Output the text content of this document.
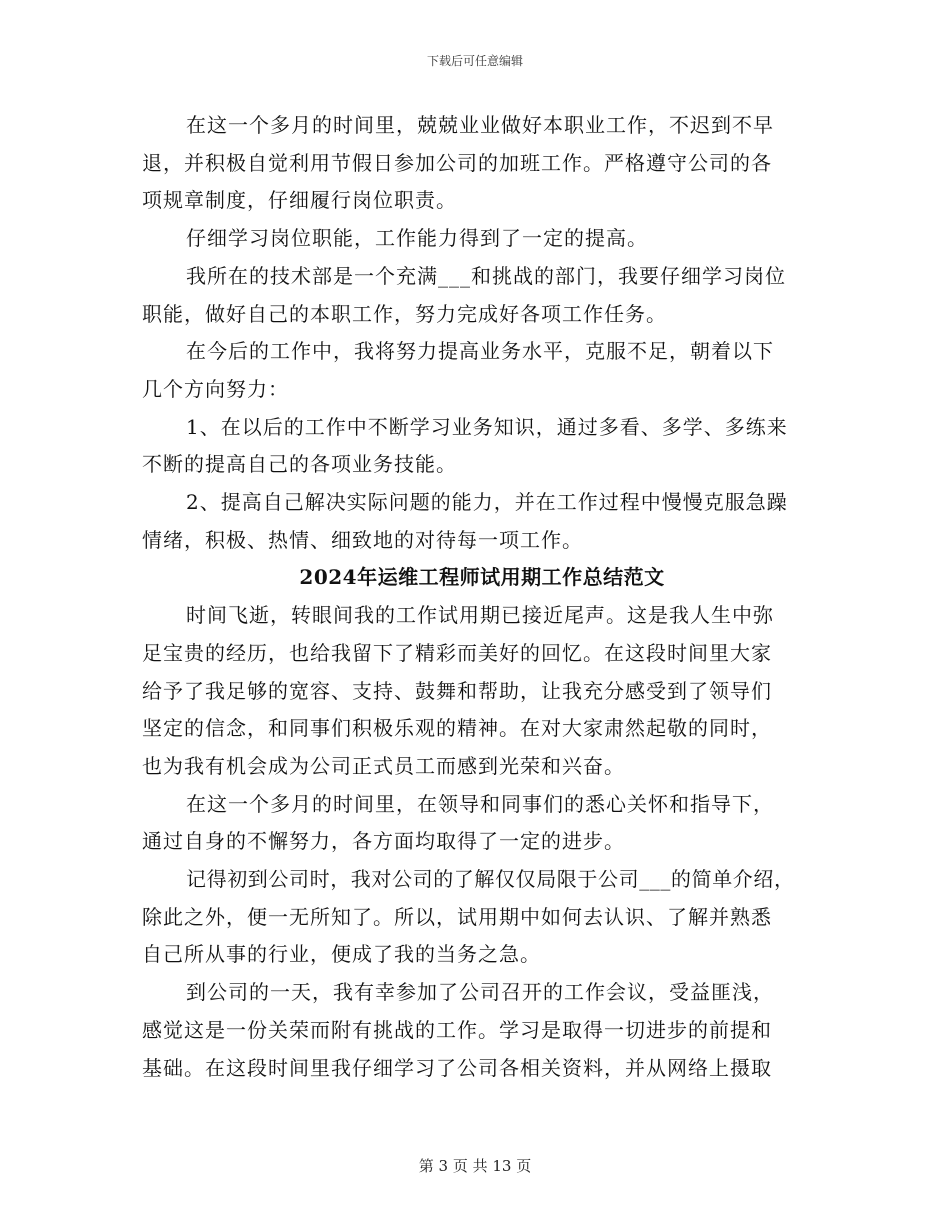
下载后可任意编辑

在这一个多月的时间里，兢兢业业做好本职业工作，不迟到不早
退，并积极自觉利用节假日参加公司的加班工作。严格遵守公司的各
项规章制度，仔细履行岗位职责。

仔细学习岗位职能，工作能力得到了一定的提高。

我所在的技术部是一个充满___和挑战的部门，我要仔细学习岗位
职能，做好自己的本职工作，努力完成好各项工作任务。

在今后的工作中，我将努力提高业务水平，克服不足，朝着以下
几个方向努力：

1、在以后的工作中不断学习业务知识，通过多看、多学、多练来
不断的提高自己的各项业务技能。

2、提高自己解决实际问题的能力，并在工作过程中慢慢克服急躁
情绪，积极、热情、细致地的对待每一项工作。

2024年运维工程师试用期工作总结范文

时间飞逝，转眼间我的工作试用期已接近尾声。这是我人生中弥
足宝贵的经历，也给我留下了精彩而美好的回忆。在这段时间里大家
给予了我足够的宽容、支持、鼓舞和帮助，让我充分感受到了领导们
坚定的信念，和同事们积极乐观的精神。在对大家肃然起敬的同时，
也为我有机会成为公司正式员工而感到光荣和兴奋。

在这一个多月的时间里，在领导和同事们的悉心关怀和指导下，
通过自身的不懈努力，各方面均取得了一定的进步。

记得初到公司时，我对公司的了解仅仅局限于公司___的简单介绍，
除此之外，便一无所知了。所以，试用期中如何去认识、了解并熟悉
自己所从事的行业，便成了我的当务之急。

到公司的一天，我有幸参加了公司召开的工作会议，受益匪浅，
感觉这是一份关荣而附有挑战的工作。学习是取得一切进步的前提和
基础。在这段时间里我仔细学习了公司各相关资料，并从网络上摄取

第 3 页 共 13 页
